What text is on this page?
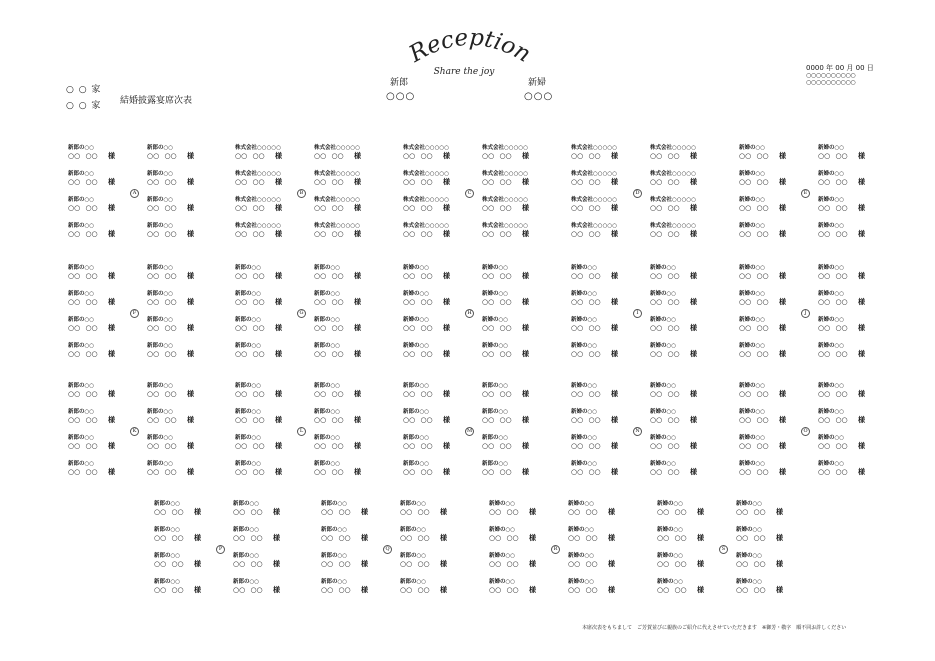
Reception
Share the joy
新郎
○○○
新婦
○○○
○ ○ 家
○ ○ 家 結婚披露宴席次表
0000 年 00 月 00 日
○○○○○○○○○○
○○○○○○○○○○
新郎の○○
○○ ○○ 様
新郎の○○
○○ ○○ 様
新郎の○○
○○ ○○ 様
新郎の○○
○○ ○○ 様
新郎の○○
○○ ○○ 様
新郎の○○
○○ ○○ 様
新郎の○○
○○ ○○ 様
新郎の○○
○○ ○○ 様
A
株式会社○○○○○
○○ ○○ 様
株式会社○○○○○
○○ ○○ 様
株式会社○○○○○
○○ ○○ 様
株式会社○○○○○
○○ ○○ 様
株式会社○○○○○
○○ ○○ 様
株式会社○○○○○
○○ ○○ 様
株式会社○○○○○
○○ ○○ 様
株式会社○○○○○
○○ ○○ 様
B
株式会社○○○○○
○○ ○○ 様
株式会社○○○○○
○○ ○○ 様
株式会社○○○○○
○○ ○○ 様
株式会社○○○○○
○○ ○○ 様
株式会社○○○○○
○○ ○○ 様
株式会社○○○○○
○○ ○○ 様
株式会社○○○○○
○○ ○○ 様
株式会社○○○○○
○○ ○○ 様
C
株式会社○○○○○
○○ ○○ 様
株式会社○○○○○
○○ ○○ 様
株式会社○○○○○
○○ ○○ 様
株式会社○○○○○
○○ ○○ 様
株式会社○○○○○
○○ ○○ 様
株式会社○○○○○
○○ ○○ 様
株式会社○○○○○
○○ ○○ 様
株式会社○○○○○
○○ ○○ 様
D
新婦の○○
○○ ○○ 様
新婦の○○
○○ ○○ 様
新婦の○○
○○ ○○ 様
新婦の○○
○○ ○○ 様
新婦の○○
○○ ○○ 様
新婦の○○
○○ ○○ 様
新婦の○○
○○ ○○ 様
新婦の○○
○○ ○○ 様
E
新郎の○○
○○ ○○ 様
新郎の○○
○○ ○○ 様
新郎の○○
○○ ○○ 様
新郎の○○
○○ ○○ 様
新郎の○○
○○ ○○ 様
新郎の○○
○○ ○○ 様
新郎の○○
○○ ○○ 様
新郎の○○
○○ ○○ 様
F
新郎の○○
○○ ○○ 様
新郎の○○
○○ ○○ 様
新郎の○○
○○ ○○ 様
新郎の○○
○○ ○○ 様
新郎の○○
○○ ○○ 様
新郎の○○
○○ ○○ 様
新郎の○○
○○ ○○ 様
新郎の○○
○○ ○○ 様
G
新婦の○○
○○ ○○ 様
新婦の○○
○○ ○○ 様
新婦の○○
○○ ○○ 様
新婦の○○
○○ ○○ 様
新婦の○○
○○ ○○ 様
新婦の○○
○○ ○○ 様
新婦の○○
○○ ○○ 様
新婦の○○
○○ ○○ 様
H
新婦の○○
○○ ○○ 様
新婦の○○
○○ ○○ 様
新婦の○○
○○ ○○ 様
新婦の○○
○○ ○○ 様
新婦の○○
○○ ○○ 様
新婦の○○
○○ ○○ 様
新婦の○○
○○ ○○ 様
新婦の○○
○○ ○○ 様
I
新婦の○○
○○ ○○ 様
新婦の○○
○○ ○○ 様
新婦の○○
○○ ○○ 様
新婦の○○
○○ ○○ 様
新婦の○○
○○ ○○ 様
新婦の○○
○○ ○○ 様
新婦の○○
○○ ○○ 様
新婦の○○
○○ ○○ 様
J
新郎の○○
○○ ○○ 様
新郎の○○
○○ ○○ 様
新郎の○○
○○ ○○ 様
新郎の○○
○○ ○○ 様
新郎の○○
○○ ○○ 様
新郎の○○
○○ ○○ 様
新郎の○○
○○ ○○ 様
新郎の○○
○○ ○○ 様
K
新郎の○○
○○ ○○ 様
新郎の○○
○○ ○○ 様
新郎の○○
○○ ○○ 様
新郎の○○
○○ ○○ 様
新郎の○○
○○ ○○ 様
新郎の○○
○○ ○○ 様
新郎の○○
○○ ○○ 様
新郎の○○
○○ ○○ 様
L
新郎の○○
○○ ○○ 様
新郎の○○
○○ ○○ 様
新郎の○○
○○ ○○ 様
新郎の○○
○○ ○○ 様
新郎の○○
○○ ○○ 様
新郎の○○
○○ ○○ 様
新郎の○○
○○ ○○ 様
新郎の○○
○○ ○○ 様
M
新婦の○○
○○ ○○ 様
新婦の○○
○○ ○○ 様
新婦の○○
○○ ○○ 様
新婦の○○
○○ ○○ 様
新婦の○○
○○ ○○ 様
新婦の○○
○○ ○○ 様
新婦の○○
○○ ○○ 様
新婦の○○
○○ ○○ 様
N
新婦の○○
○○ ○○ 様
新婦の○○
○○ ○○ 様
新婦の○○
○○ ○○ 様
新婦の○○
○○ ○○ 様
新婦の○○
○○ ○○ 様
新婦の○○
○○ ○○ 様
新婦の○○
○○ ○○ 様
新婦の○○
○○ ○○ 様
O
新郎の○○
○○ ○○ 様
新郎の○○
○○ ○○ 様
新郎の○○
○○ ○○ 様
新郎の○○
○○ ○○ 様
新郎の○○
○○ ○○ 様
新郎の○○
○○ ○○ 様
新郎の○○
○○ ○○ 様
新郎の○○
○○ ○○ 様
P
新郎の○○
○○ ○○ 様
新郎の○○
○○ ○○ 様
新郎の○○
○○ ○○ 様
新郎の○○
○○ ○○ 様
新郎の○○
○○ ○○ 様
新郎の○○
○○ ○○ 様
新郎の○○
○○ ○○ 様
新郎の○○
○○ ○○ 様
Q
新婦の○○
○○ ○○ 様
新婦の○○
○○ ○○ 様
新婦の○○
○○ ○○ 様
新婦の○○
○○ ○○ 様
新婦の○○
○○ ○○ 様
新婦の○○
○○ ○○ 様
新婦の○○
○○ ○○ 様
新婦の○○
○○ ○○ 様
R
新婦の○○
○○ ○○ 様
新婦の○○
○○ ○○ 様
新婦の○○
○○ ○○ 様
新婦の○○
○○ ○○ 様
新婦の○○
○○ ○○ 様
新婦の○○
○○ ○○ 様
新婦の○○
○○ ○○ 様
新婦の○○
○○ ○○ 様
S
本席次表をもちまして　ご芳賀並びに親族のご紹介に代えさせていただきます　※御芳・敬字　順不同お許しください
